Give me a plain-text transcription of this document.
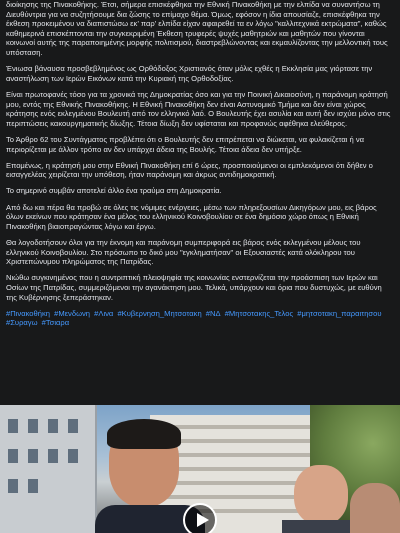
διοίκησης της Πινακοθήκης. Έτσι, σήμερα επισκέφθηκα την Εθνική Πινακοθήκη με την ελπίδα να συναντήσω τη Διευθύντρια για να συζητήσουμε δια ζώσης το επίμαχο θέμα. Όμως, εφόσον η ίδια απουσίαζε, επισκέφθηκα την έκθεση προκειμένου να διαπιστώσω εκ’ παρ’ ελπίδα είχαν αφαιρεθεί τα εν λόγω "καλλιτεχνικά εκτρώματα", καθώς καθημερινά επισκέπτονται την συγκεκριμένη Έκθεση τρυφερές ψυχές μαθητριών και μαθητών που γίνονται κοινωνοί αυτής της παραποιημένης μορφής πολιτισμού, διαστρεβλώνοντας και εκμαυλίζοντας την μελλοντική τους υπόσταση.

Ένιωσα βάναυσα προσβεβλημένος ως Ορθόδοξος Χριστιανός όταν μόλις εχθές η Εκκλησία μας γιόρτασε την αναστήλωση των Ιερών Εικόνων κατά την Κυριακή της Ορθοδοξίας.

Είναι πρωτοφανές τόσο για τα χρονικά της Δημοκρατίας όσο και για την Ποινική Δικαιοσύνη, η παράνομη κράτησή μου, εντός της Εθνικής Πινακοθήκης. Η Εθνική Πινακοθήκη δεν είναι Αστυνομικό Τμήμα και δεν είναι χώρος κράτησης ενός εκλεγμένου Βουλευτή από τον ελληνικό λαό. Ο Βουλευτής έχει ασυλία και αυτή δεν ισχύει μόνο στις περιπτώσεις κακουργηματικής δίωξης. Τέτοια δίωξη δεν υφίσταται και προφανώς αφέθηκα ελεύθερος.

Το Άρθρο 62 του Συντάγματος προβλέπει ότι ο Βουλευτής δεν επιτρέπεται να διώκεται, να φυλακίζεται ή να περιορίζεται με άλλον τρόπο αν δεν υπάρχει άδεια της Βουλής. Τέτοια άδεια δεν υπήρξε.

Επομένως, η κράτησή μου στην Εθνική Πινακοθήκη επί 6 ώρες, προσποιούμενοι οι εμπλεκόμενοι ότι δήθεν ο εισαγγελέας χειρίζεται την υπόθεση, ήταν παράνομη και άκρως αντιδημοκρατική.

Το σημερινό συμβάν αποτελεί άλλο ένα τραύμα στη Δημοκρατία.

Από δω και πέρα θα προβώ σε όλες τις νόμιμες ενέργειες, μέσω των πληρεξουσίων Δικηγόρων μου, εις βάρος όλων εκείνων που κράτησαν ένα μέλος του ελληνικού Κοινοβουλίου σε ένα δημόσιο χώρο όπως η Εθνική Πινακοθήκη βιαιοπραγώντας λόγω και έργω.

Θα λογοδοτήσουν όλοι για την έκνομη και παράνομη συμπεριφορά εις βάρος ενός εκλεγμένου μέλους του ελληνικού Κοινοβουλίου. Στο πρόσωπο το δικό μου "εγκληματήσαν" οι Εξουσιαστές κατά ολόκληρου του Χριστεπώνυμου πληρώματος της Πατρίδας.

Νιώθω συγκινημένος που η συντριπτική πλειοψηφία της κοινωνίας ενστερνίζεται την προάσπιση των Ιερών και Οσίων της Πατρίδας, συμμεριζόμενοι την αγανάκτηση μου. Τελικά, υπάρχουν και όρια που δυστυχώς, με ευθύνη της Κυβέρνησης ξεπεράστηκαν.

#Πινακοθήκη #Μενδωνη #Λινα #Κυβερνηση_Μητσοτακη #ΝΔ #Μητσοτακης_Τελος #μητσοτακη_παραιτησου #Συραγω #Τσιαρα
